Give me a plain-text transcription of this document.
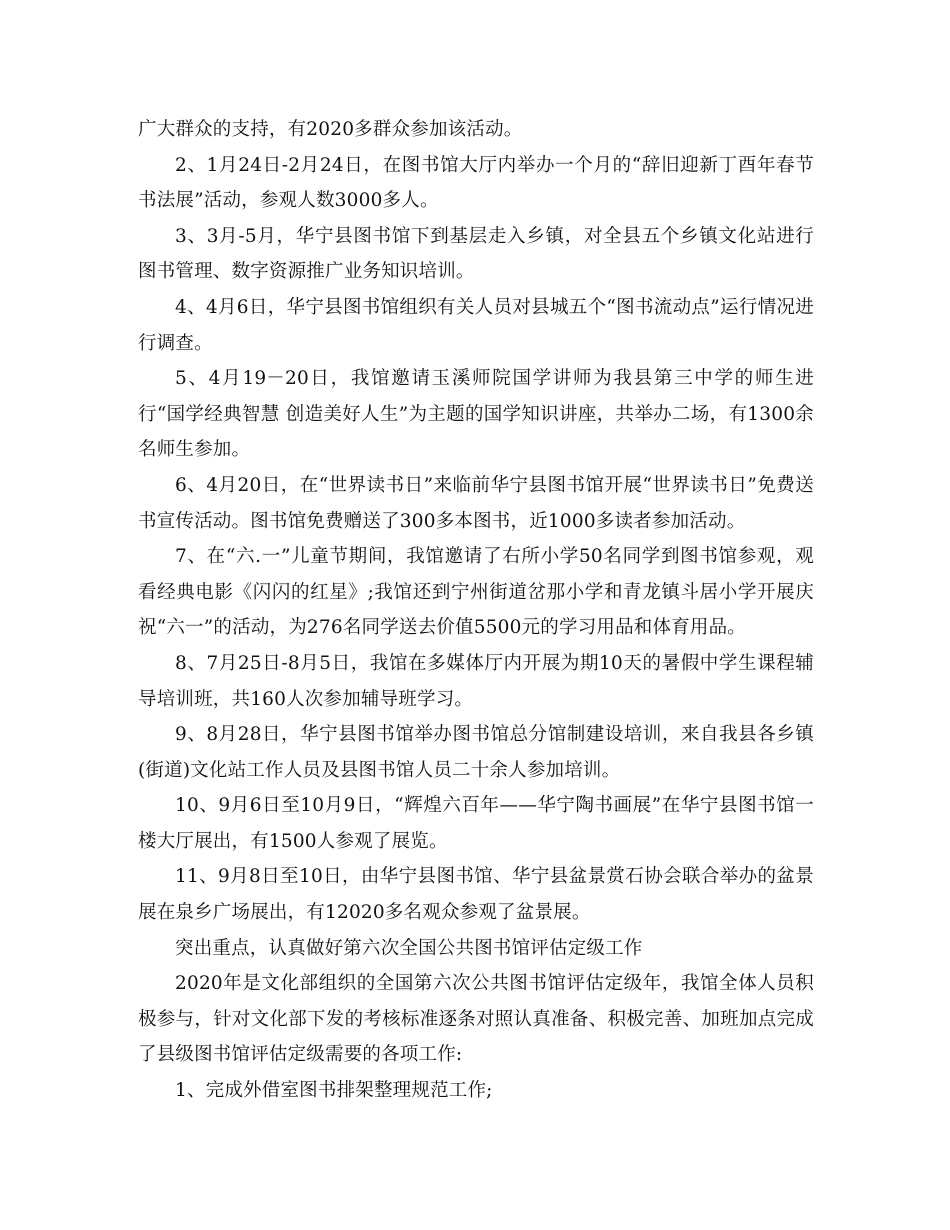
广大群众的支持，有2020多群众参加该活动。

2、1月24日-2月24日，在图书馆大厅内举办一个月的“辞旧迎新丁酉年春节书法展”活动，参观人数3000多人。

3、3月-5月，华宁县图书馆下到基层走入乡镇，对全县五个乡镇文化站进行图书管理、数字资源推广业务知识培训。

4、4月6日，华宁县图书馆组织有关人员对县城五个“图书流动点”运行情况进行调查。

5、4月19－20日，我馆邀请玉溪师院国学讲师为我县第三中学的师生进行“国学经典智慧 创造美好人生”为主题的国学知识讲座，共举办二场，有1300余名师生参加。

6、4月20日，在“世界读书日”来临前华宁县图书馆开展“世界读书日”免费送书宣传活动。图书馆免费赠送了300多本图书，近1000多读者参加活动。

7、在“六.一”儿童节期间，我馆邀请了右所小学50名同学到图书馆参观，观看经典电影《闪闪的红星》;我馆还到宁州街道岔那小学和青龙镇斗居小学开展庆祝“六一”的活动，为276名同学送去价值5500元的学习用品和体育用品。

8、7月25日-8月5日，我馆在多媒体厅内开展为期10天的暑假中学生课程辅导培训班，共160人次参加辅导班学习。

9、8月28日，华宁县图书馆举办图书馆总分馆制建设培训，来自我县各乡镇(街道)文化站工作人员及县图书馆人员二十余人参加培训。

10、9月6日至10月9日，“辉煌六百年——华宁陶书画展”在华宁县图书馆一楼大厅展出，有1500人参观了展览。

11、9月8日至10日，由华宁县图书馆、华宁县盆景赏石协会联合举办的盆景展在泉乡广场展出，有12020多名观众参观了盆景展。

突出重点，认真做好第六次全国公共图书馆评估定级工作

2020年是文化部组织的全国第六次公共图书馆评估定级年，我馆全体人员积极参与，针对文化部下发的考核标准逐条对照认真准备、积极完善、加班加点完成了县级图书馆评估定级需要的各项工作:

1、完成外借室图书排架整理规范工作;
